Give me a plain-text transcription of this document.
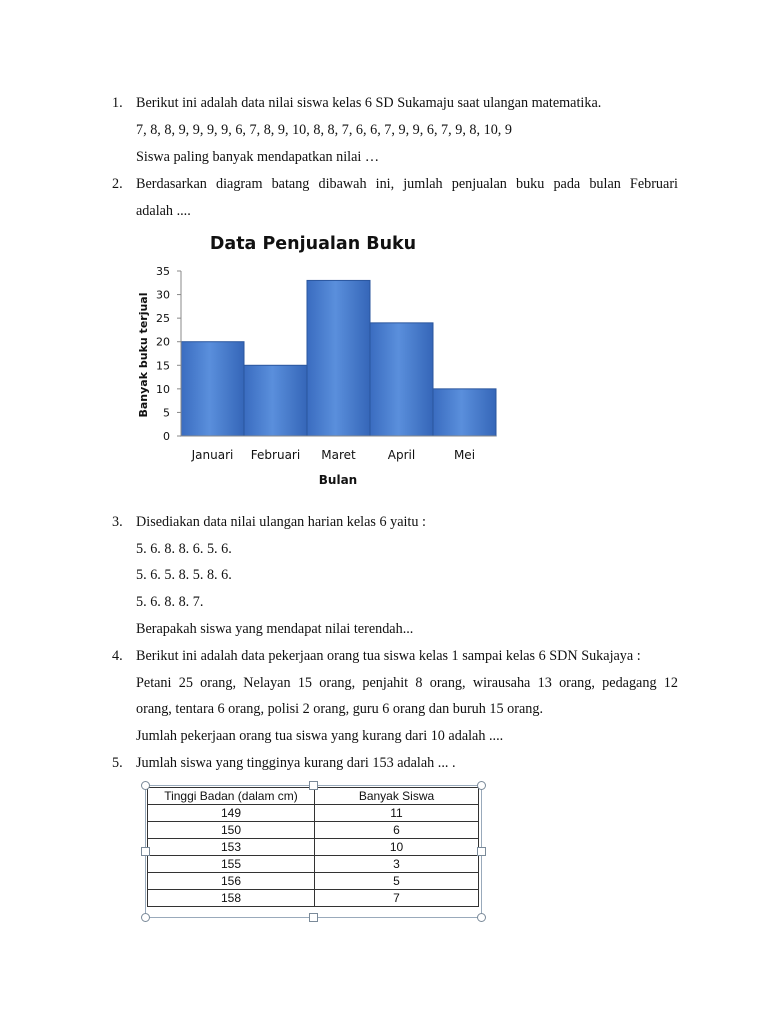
1. Berikut ini adalah data nilai siswa kelas 6 SD Sukamaju saat ulangan matematika.
7, 8, 8, 9, 9, 9, 9, 6, 7, 8, 9, 10, 8, 8, 7, 6, 6, 7, 9, 9, 6, 7, 9, 8, 10, 9
Siswa paling banyak mendapatkan nilai …
2. Berdasarkan diagram batang dibawah ini, jumlah penjualan buku pada bulan Februari
adalah ....
Data Penjualan Buku
Banyak buku terjual
Bulan
0
5
10
15
20
25
30
35
Januari Februari Maret	April	Mei
3. Disediakan data nilai ulangan harian kelas 6 yaitu :
5. 6. 8. 8. 6. 5. 6.
5. 6. 5. 8. 5. 8. 6.
5. 6. 8. 8. 7.
Berapakah siswa yang mendapat nilai terendah...
4. Berikut ini adalah data pekerjaan orang tua siswa kelas 1 sampai kelas 6 SDN Sukajaya :
Petani 25 orang, Nelayan 15 orang, penjahit 8 orang, wirausaha 13 orang, pedagang 12
orang, tentara 6 orang, polisi 2 orang, guru 6 orang dan buruh 15 orang.
Jumlah pekerjaan orang tua siswa yang kurang dari 10 adalah ....
5. Jumlah siswa yang tingginya kurang dari 153 adalah ... .
Tinggi Badan (dalam cm)	Banyak Siswa
149	11
150	6
153	10
155	3
156	5
158	7
